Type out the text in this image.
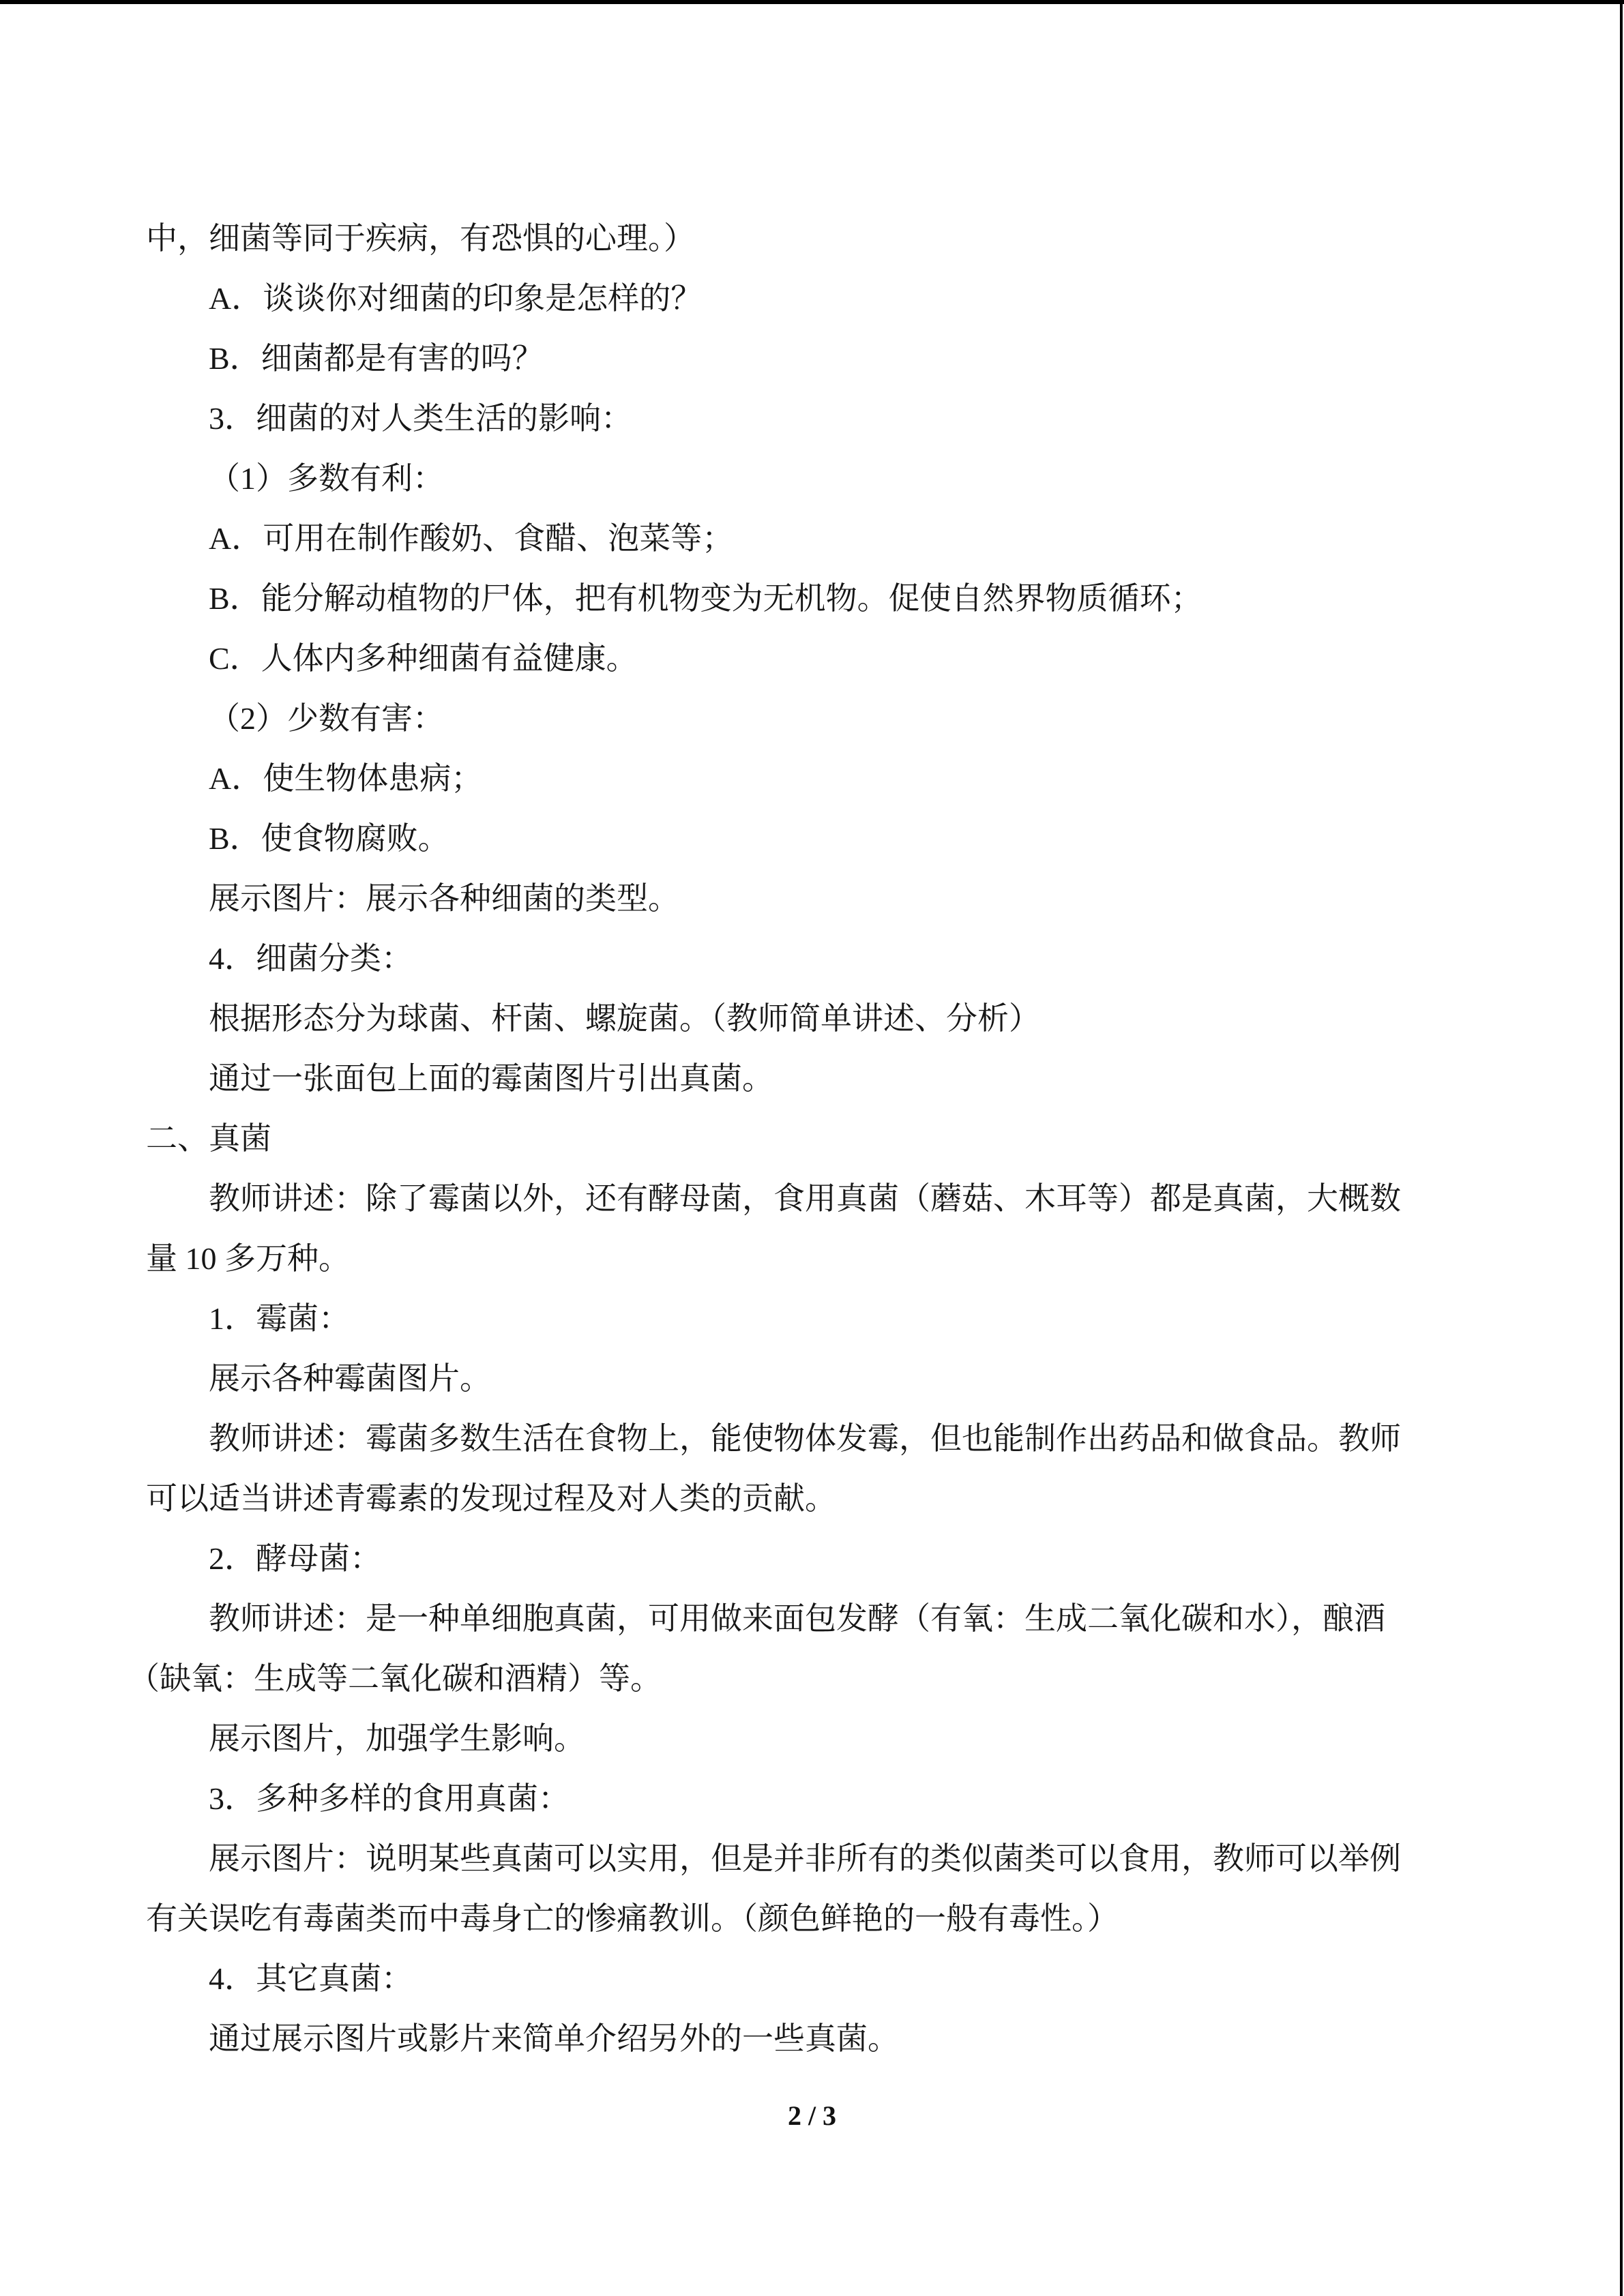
中，细菌等同于疾病，有恐惧的心理。）
A．谈谈你对细菌的印象是怎样的？
B．细菌都是有害的吗？
3．细菌的对人类生活的影响：
（1）多数有利：
A．可用在制作酸奶、食醋、泡菜等；
B．能分解动植物的尸体，把有机物变为无机物。促使自然界物质循环；
C．人体内多种细菌有益健康。
（2）少数有害：
A．使生物体患病；
B．使食物腐败。
展示图片：展示各种细菌的类型。
4．细菌分类：
根据形态分为球菌、杆菌、螺旋菌。（教师简单讲述、分析）
通过一张面包上面的霉菌图片引出真菌。
二、真菌
教师讲述：除了霉菌以外，还有酵母菌，食用真菌（蘑菇、木耳等）都是真菌，大概数
量 10 多万种。
1．霉菌：
展示各种霉菌图片。
教师讲述：霉菌多数生活在食物上，能使物体发霉，但也能制作出药品和做食品。教师
可以适当讲述青霉素的发现过程及对人类的贡献。
2．酵母菌：
教师讲述：是一种单细胞真菌，可用做来面包发酵（有氧：生成二氧化碳和水），酿酒
（缺氧：生成等二氧化碳和酒精）等。
展示图片，加强学生影响。
3．多种多样的食用真菌：
展示图片：说明某些真菌可以实用，但是并非所有的类似菌类可以食用，教师可以举例
有关误吃有毒菌类而中毒身亡的惨痛教训。（颜色鲜艳的一般有毒性。）
4．其它真菌：
通过展示图片或影片来简单介绍另外的一些真菌。
2 / 3
